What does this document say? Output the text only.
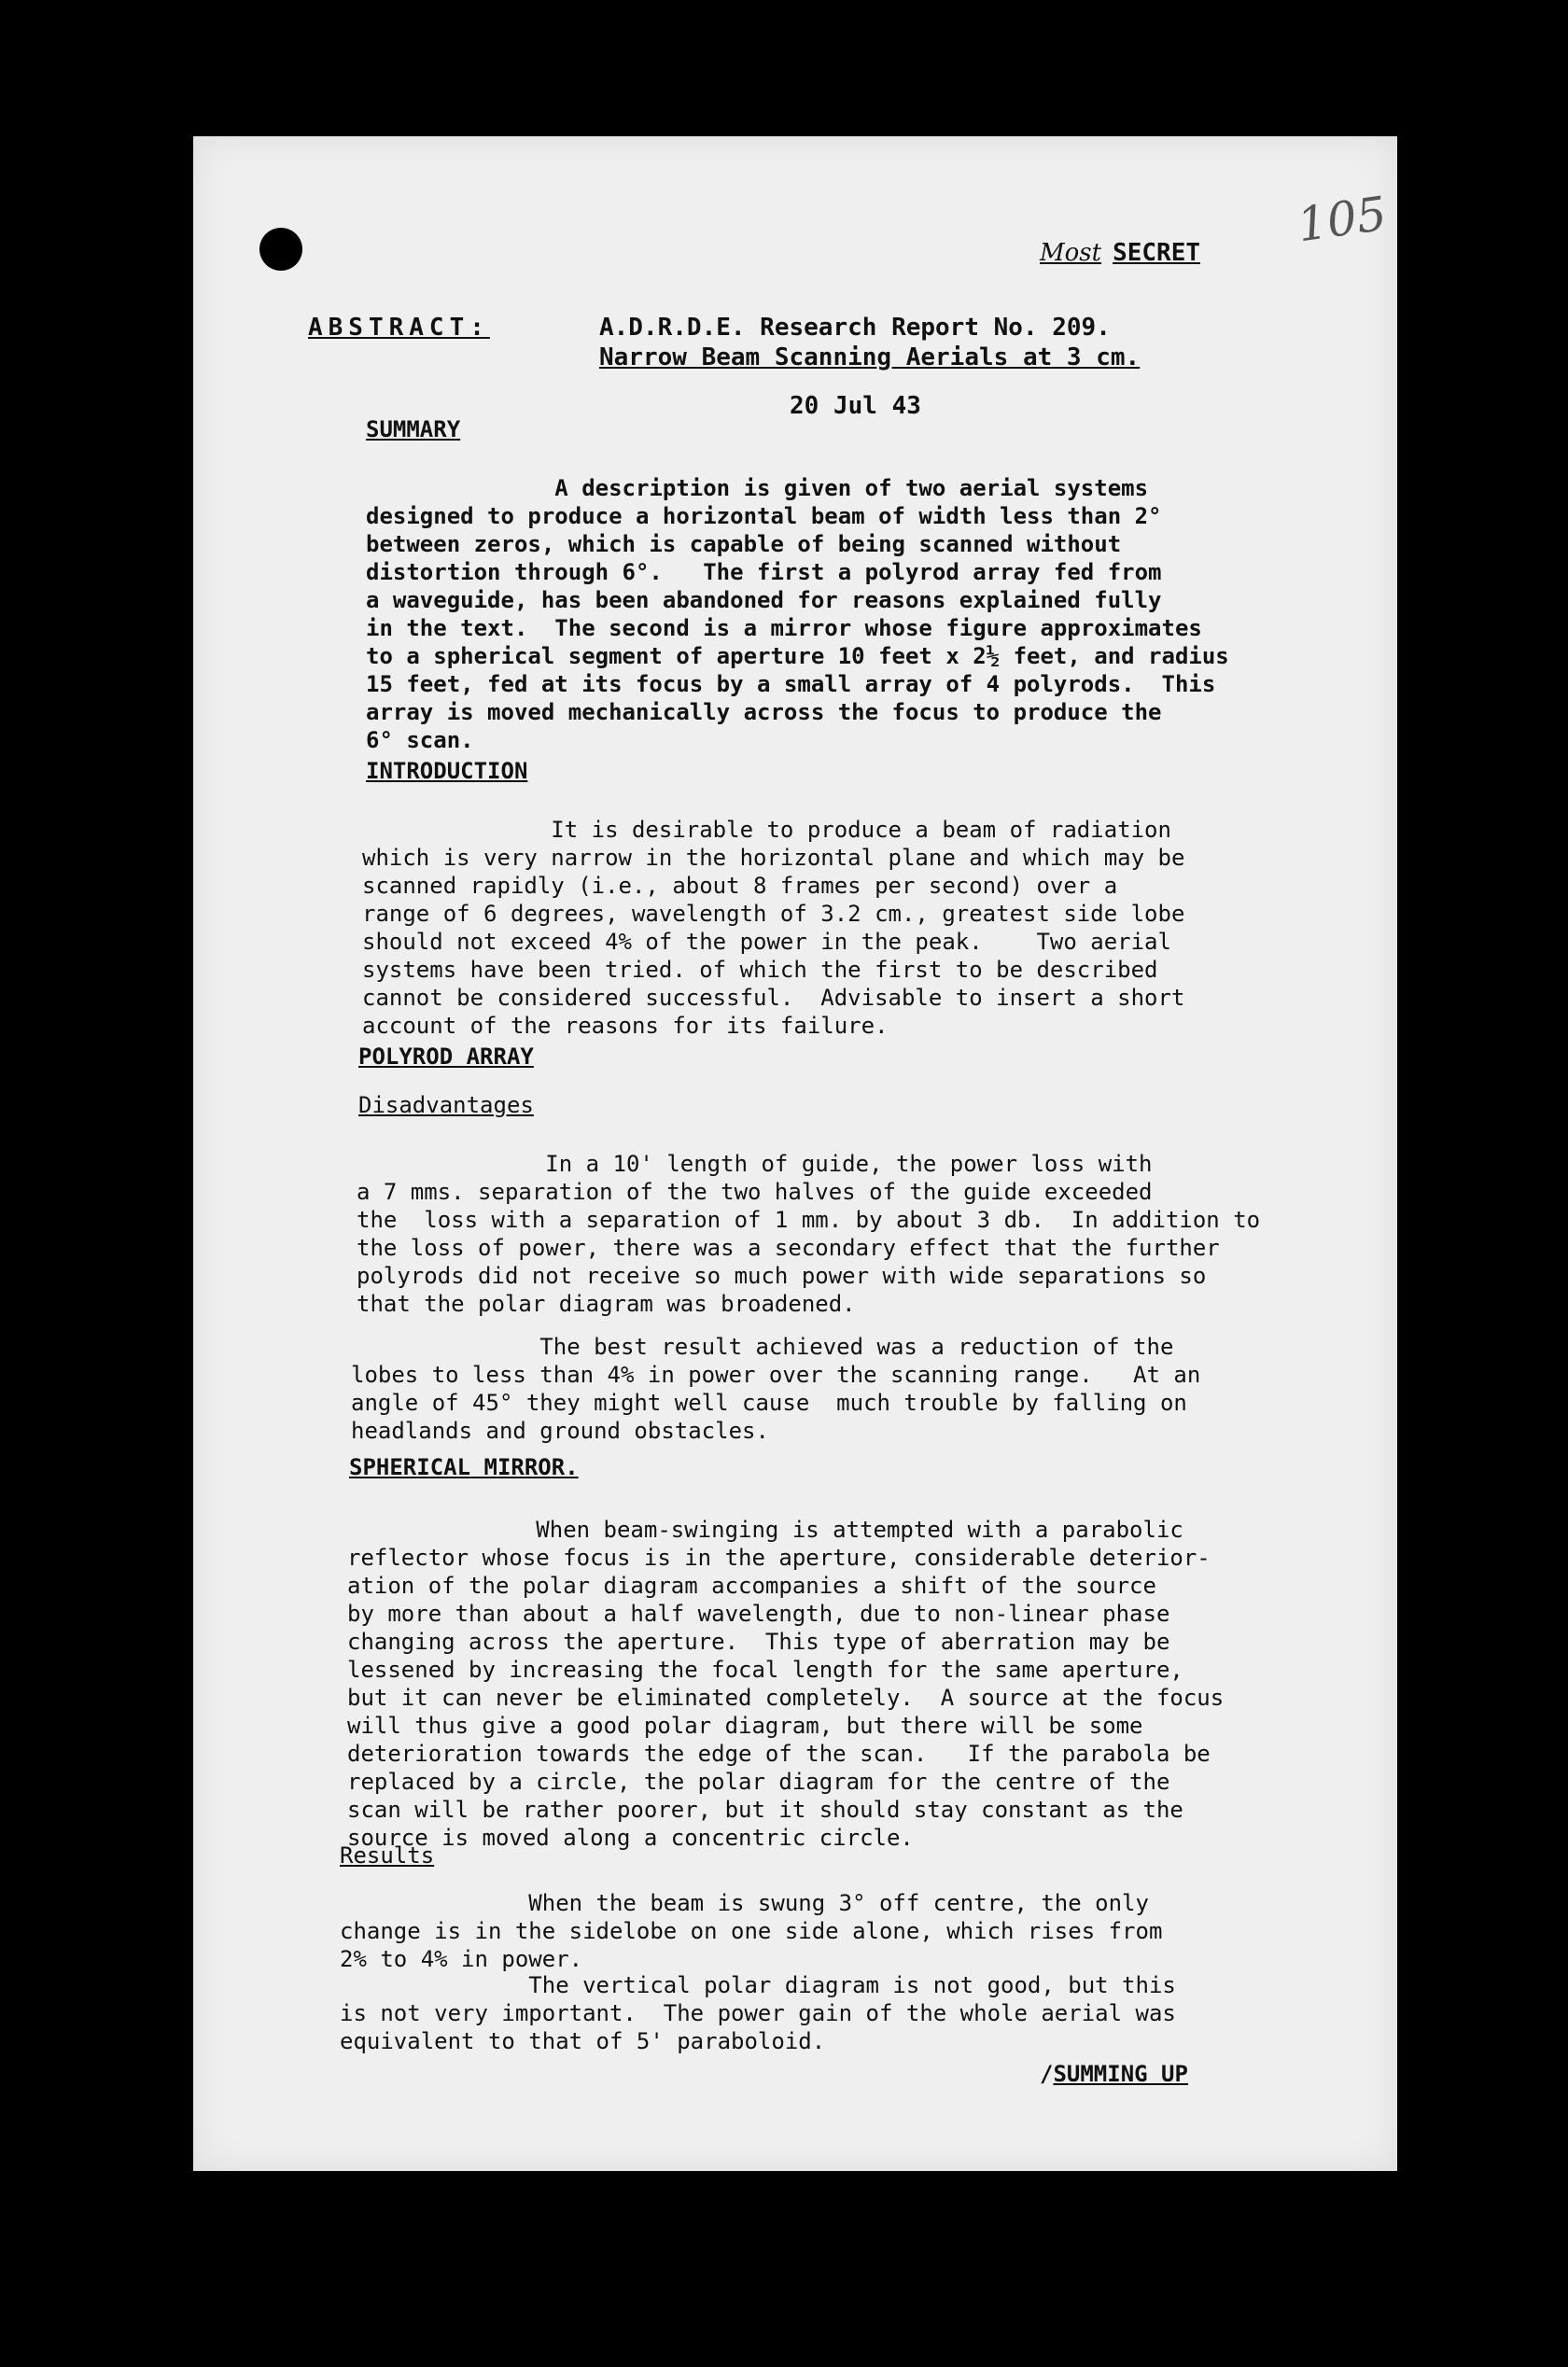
105
Most SECRET
ABSTRACT:	A.D.R.D.E. Research Report No. 209.
Narrow Beam Scanning Aerials at 3 cm.
20 Jul 43
SUMMARY
A description is given of two aerial systems
designed to produce a horizontal beam of width less than 2°
between zeros, which is capable of being scanned without
distortion through 6°.   The first a polyrod array fed from
a waveguide, has been abandoned for reasons explained fully
in the text.  The second is a mirror whose figure approximates
to a spherical segment of aperture 10 feet x 2½ feet, and radius
15 feet, fed at its focus by a small array of 4 polyrods.  This
array is moved mechanically across the focus to produce the
6° scan.
INTRODUCTION
It is desirable to produce a beam of radiation
which is very narrow in the horizontal plane and which may be
scanned rapidly (i.e., about 8 frames per second) over a
range of 6 degrees, wavelength of 3.2 cm., greatest side lobe
should not exceed 4% of the power in the peak.    Two aerial
systems have been tried. of which the first to be described
cannot be considered successful.  Advisable to insert a short
account of the reasons for its failure.
POLYROD ARRAY
Disadvantages
In a 10' length of guide, the power loss with
a 7 mms. separation of the two halves of the guide exceeded
the  loss with a separation of 1 mm. by about 3 db.  In addition to
the loss of power, there was a secondary effect that the further
polyrods did not receive so much power with wide separations so
that the polar diagram was broadened.
The best result achieved was a reduction of the
lobes to less than 4% in power over the scanning range.   At an
angle of 45° they might well cause  much trouble by falling on
headlands and ground obstacles.
SPHERICAL MIRROR.
When beam-swinging is attempted with a parabolic
reflector whose focus is in the aperture, considerable deterior-
ation of the polar diagram accompanies a shift of the source
by more than about a half wavelength, due to non-linear phase
changing across the aperture.  This type of aberration may be
lessened by increasing the focal length for the same aperture,
but it can never be eliminated completely.  A source at the focus
will thus give a good polar diagram, but there will be some
deterioration towards the edge of the scan.   If the parabola be
replaced by a circle, the polar diagram for the centre of the
scan will be rather poorer, but it should stay constant as the
source is moved along a concentric circle.
Results
When the beam is swung 3° off centre, the only
change is in the sidelobe on one side alone, which rises from
2% to 4% in power.
The vertical polar diagram is not good, but this
is not very important.  The power gain of the whole aerial was
equivalent to that of 5' paraboloid.
/SUMMING UP
